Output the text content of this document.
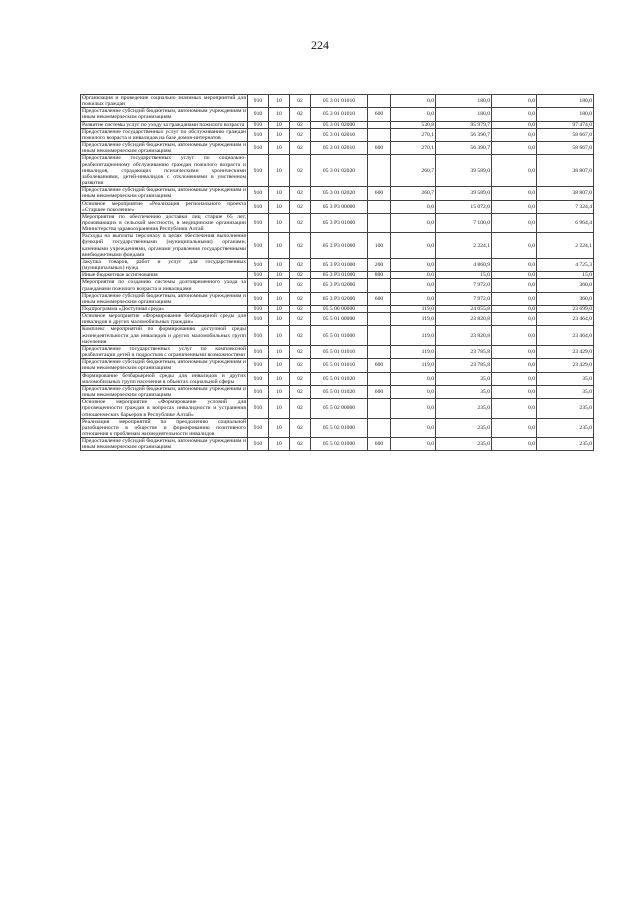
224
Организация и проведение социально значимых мероприятий для пожилых граждан	910	10	02	05 3 01 01010		0,0	180,0	0,0	180,0
Предоставление субсидий бюджетным, автономным учреждениям и иным некоммерческим организациям	910	10	02	05 3 01 01010	600	0,0	180,0	0,0	180,0
Развитие системы услуг по уходу за гражданами пожилого возраста	910	10	02	05 3 01 02000		530,8	95 979,7	0,0	97 474,0
Предоставление государственных услуг по обслуживанию граждан пожилого возраста и инвалидов на базе домов-интернатов	910	10	02	05 3 01 02010		270,1	56 390,7	0,0	58 667,0
Предоставление субсидий бюджетным, автономным учреждениям и иным некоммерческим организациям	910	10	02	05 3 01 02010	600	270,1	56 390,7	0,0	58 667,0
Предоставление государственных услуг по социально-реабилитационному обслуживанию граждан пожилого возраста и инвалидов, страдающих психическими хроническими заболеваниями, детей-инвалидов с отклонениями в умственном развитии	910	10	02	05 3 01 02020		260,7	39 589,0	0,0	38 807,0
Предоставление субсидий бюджетным, автономным учреждениям и иным некоммерческим организациям	910	10	02	05 3 01 02020	600	260,7	39 589,0	0,0	38 807,0
Основное мероприятие «Реализация регионального проекта «Старшее поколение»	910	10	02	05 3 P3 00000		0,0	15 072,0	0,0	7 324,4
Мероприятия по обеспечению доставки лиц старше 65 лет, проживающих в сельской местности, в медицинские организации Министерства здравоохранения Республики Алтай	910	10	02	05 3 P3 01000		0,0	7 100,0	0,0	6 964,4
Расходы на выплаты персоналу в целях обеспечения выполнения функций государственными (муниципальными) органами, казенными учреждениями, органами управления государственными внебюджетными фондами	910	10	02	05 3 P3 01000	100	0,0	2 224,1	0,0	2 224,1
Закупка товаров, работ и услуг для государственных (муниципальных) нужд	910	10	02	05 3 P3 01000	200	0,0	4 860,9	0,0	4 725,3
Иные бюджетные ассигнования	910	10	02	05 3 P3 01000	800	0,0	15,0	0,0	15,0
Мероприятия по созданию системы долговременного ухода за гражданами пожилого возраста и инвалидами	910	10	02	05 3 P3 02000		0,0	7 972,0	0,0	360,0
Предоставление субсидий бюджетным, автономным учреждениям и иным некоммерческим организациям	910	10	02	05 3 P3 02000	600	0,0	7 972,0	0,0	360,0
Подпрограмма «Доступная среда»	910	10	02	05 5 00 00000		119,0	24 055,8	0,0	23 699,0
Основное мероприятие «Формирование безбарьерной среды для инвалидов и других маломобильных граждан»	910	10	02	05 5 01 00000		119,0	23 820,8	0,0	23 464,0
Комплекс мероприятий по формированию доступной среды жизнедеятельности для инвалидов и других маломобильных групп населения	910	10	02	05 5 01 01000		119,0	23 820,8	0,0	23 464,0
Предоставление государственных услуг по комплексной реабилитации детей и подростков с ограниченными возможностями	910	10	02	05 5 01 01010		119,0	23 785,8	0,0	23 429,0
Предоставление субсидий бюджетным, автономным учреждениям и иным некоммерческим организациям	910	10	02	05 5 01 01010	600	119,0	23 785,8	0,0	23 429,0
Формирование безбарьерной среды для инвалидов и других маломобильных групп населения в объектах социальной сферы	910	10	02	05 5 01 01020		0,0	35,0	0,0	35,0
Предоставление субсидий бюджетным, автономным учреждениям и иным некоммерческим организациям	910	10	02	05 5 01 01020	600	0,0	35,0	0,0	35,0
Основное мероприятие «Формирование условий для просвещенности граждан в вопросах инвалидности и устранения отношенческих барьеров в Республике Алтай»	910	10	02	05 5 02 00000		0,0	235,0	0,0	235,0
Реализация мероприятий по преодолению социальной разобщенности в обществе и формированию позитивного отношения к проблемам жизнедеятельности инвалидов	910	10	02	05 5 02 01000		0,0	235,0	0,0	235,0
Предоставление субсидий бюджетным, автономным учреждениям и иным некоммерческим организациям	910	10	02	05 5 02 01000	600	0,0	235,0	0,0	235,0
